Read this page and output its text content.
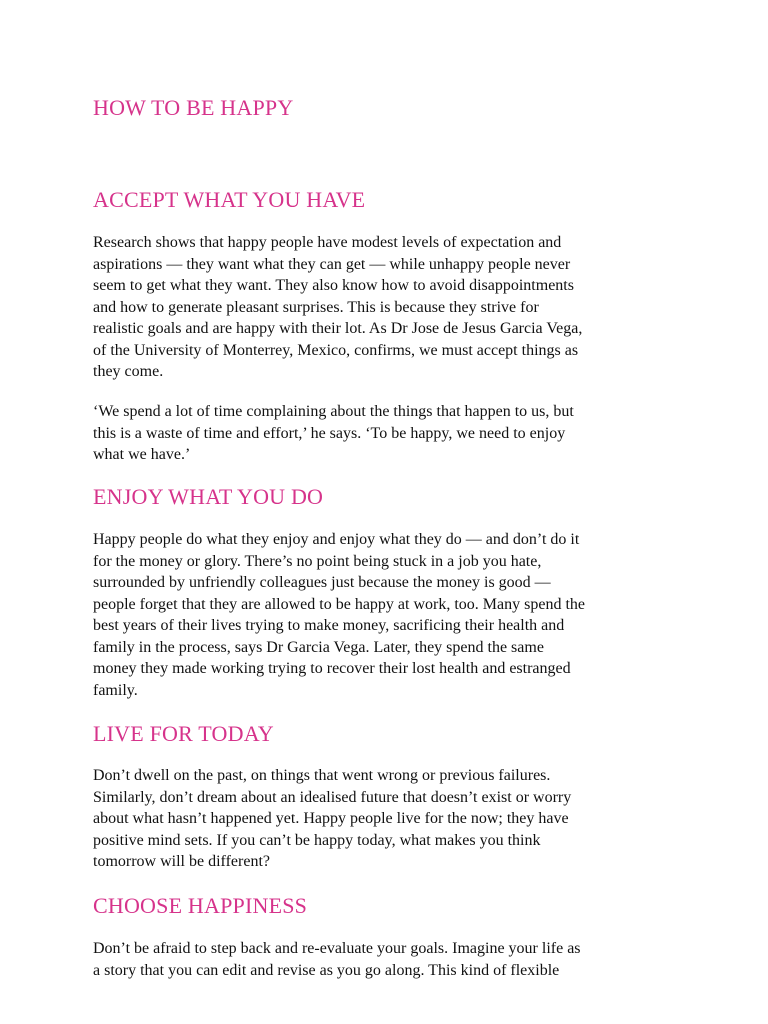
HOW TO BE HAPPY
ACCEPT WHAT YOU HAVE

Research shows that happy people have modest levels of expectation and
aspirations — they want what they can get — while unhappy people never
seem to get what they want. They also know how to avoid disappointments
and how to generate pleasant surprises. This is because they strive for
realistic goals and are happy with their lot. As Dr Jose de Jesus Garcia Vega,
of the University of Monterrey, Mexico, confirms, we must accept things as
they come.

‘We spend a lot of time complaining about the things that happen to us, but
this is a waste of time and effort,’ he says. ‘To be happy, we need to enjoy
what we have.’

ENJOY WHAT YOU DO

Happy people do what they enjoy and enjoy what they do — and don’t do it
for the money or glory. There’s no point being stuck in a job you hate,
surrounded by unfriendly colleagues just because the money is good —
people forget that they are allowed to be happy at work, too. Many spend the
best years of their lives trying to make money, sacrificing their health and
family in the process, says Dr Garcia Vega. Later, they spend the same
money they made working trying to recover their lost health and estranged
family.

LIVE FOR TODAY

Don’t dwell on the past, on things that went wrong or previous failures.
Similarly, don’t dream about an idealised future that doesn’t exist or worry
about what hasn’t happened yet. Happy people live for the now; they have
positive mind sets. If you can’t be happy today, what makes you think
tomorrow will be different?

CHOOSE HAPPINESS

Don’t be afraid to step back and re-evaluate your goals. Imagine your life as
a story that you can edit and revise as you go along. This kind of flexible
